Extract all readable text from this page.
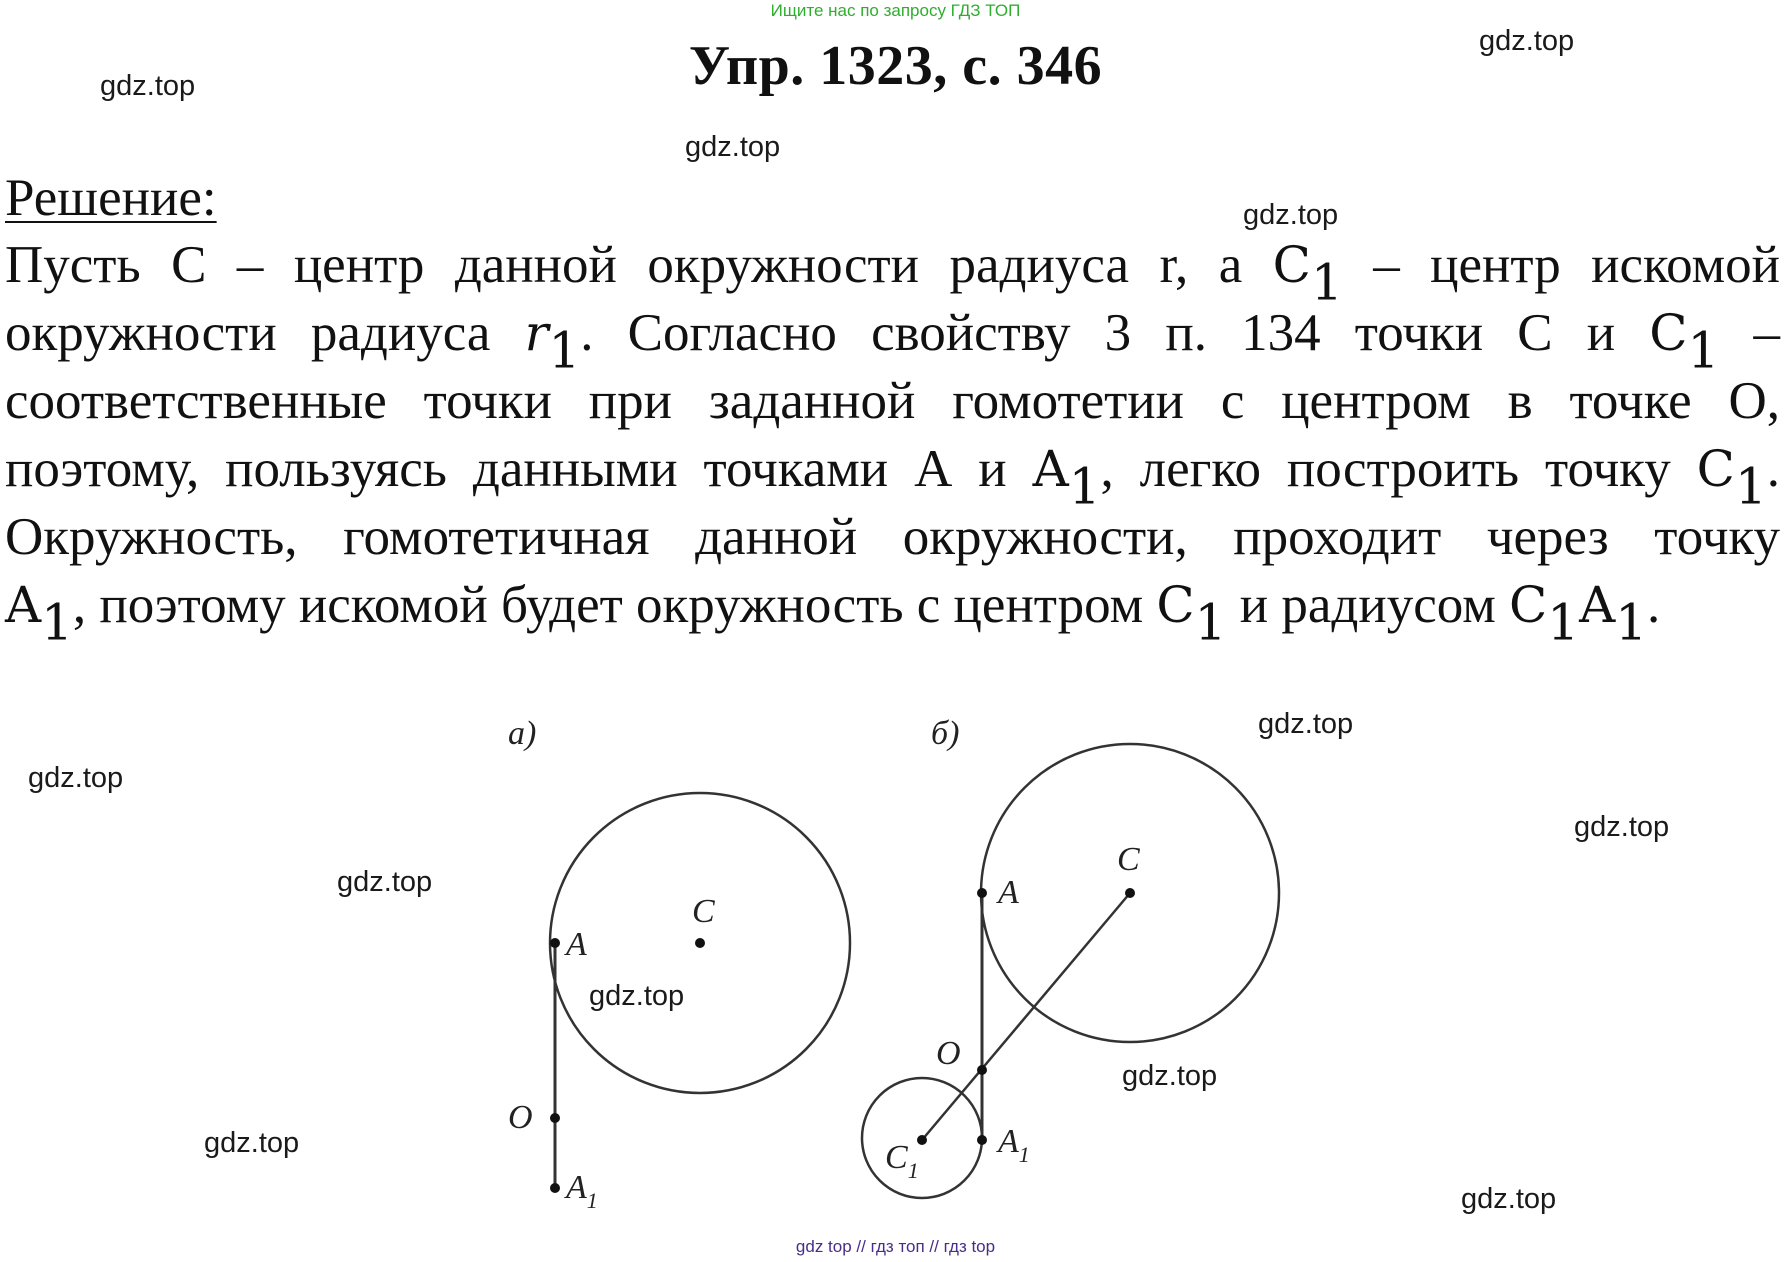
Ищите нас по запросу ГДЗ ТОП
Упр. 1323, с. 346
gdz.top
gdz.top
gdz.top
gdz.top
gdz.top
gdz.top
gdz.top
gdz.top
gdz.top
gdz.top
gdz.top
gdz.top
Решение:
Пусть С – центр данной окружности радиуса r, а $C_1$ – центр искомой
окружности радиуса $r_1$. Согласно свойству 3 п. 134 точки С и $C_1$ –
соответственные точки при заданной гомотетии с центром в точке О,
поэтому, пользуясь данными точками А и $A_1$, легко построить точку $C_1$.
Окружность, гомотетичная данной окружности, проходит через точку
$A_1$, поэтому искомой будет окружность с центром $C_1$ и радиусом $C_1A_1$.
а)
C
A
O
$A_1$
б)
C
A
O
$A_1$
$C_1$
gdz top // гдз топ // гдз top
